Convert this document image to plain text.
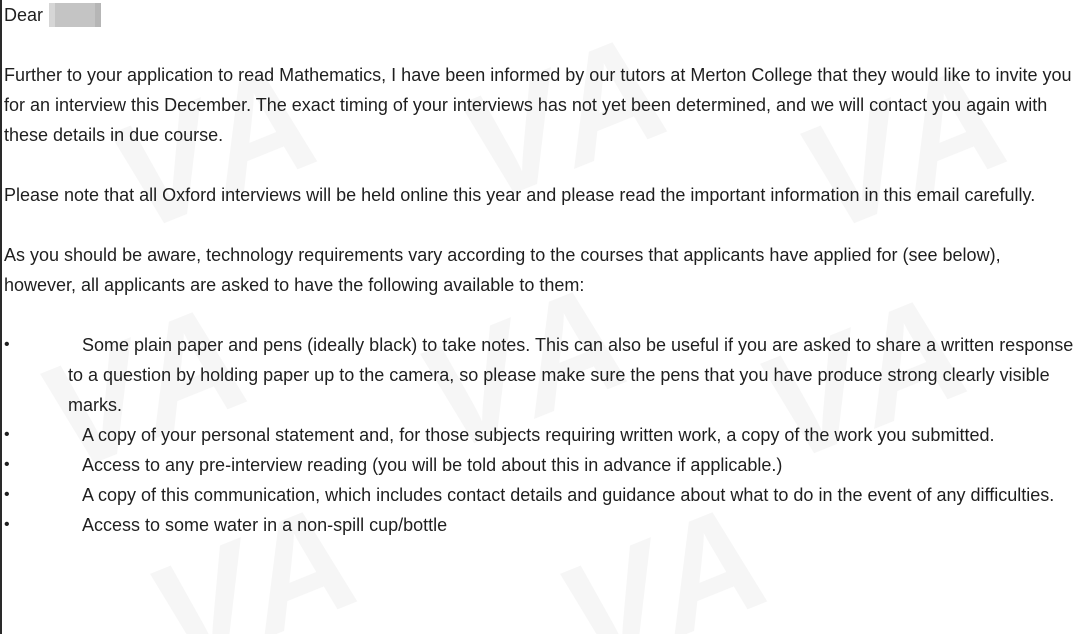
Dear

Further to your application to read Mathematics, I have been informed by our tutors at Merton College that they would like to invite you for an interview this December. The exact timing of your interviews has not yet been determined, and we will contact you again with these details in due course.

Please note that all Oxford interviews will be held online this year and please read the important information in this email carefully.

As you should be aware, technology requirements vary according to the courses that applicants have applied for (see below), however, all applicants are asked to have the following available to them:

•	Some plain paper and pens (ideally black) to take notes. This can also be useful if you are asked to share a written response to a question by holding paper up to the camera, so please make sure the pens that you have produce strong clearly visible marks.
•	A copy of your personal statement and, for those subjects requiring written work, a copy of the work you submitted.
•	Access to any pre-interview reading (you will be told about this in advance if applicable.)
•	A copy of this communication, which includes contact details and guidance about what to do in the event of any difficulties.
•	Access to some water in a non-spill cup/bottle
